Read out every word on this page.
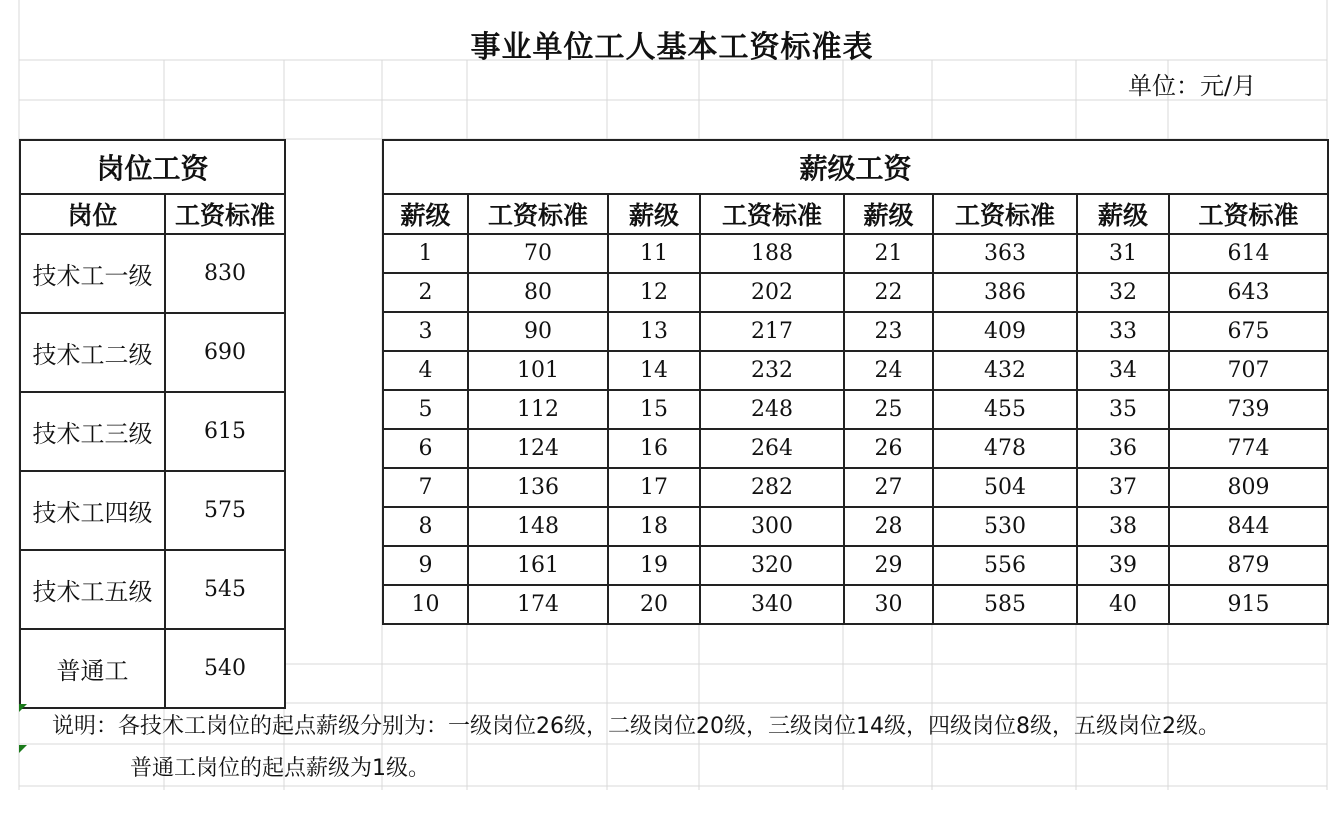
事业单位工人基本工资标准表
单位：元/月
岗位工资	
岗位	工资标准
技术工一级	830
技术工二级	690
技术工三级	615
技术工四级	575
技术工五级	545
普通工	540
薪级工资							
薪级	工资标准	薪级	工资标准	薪级	工资标准	薪级	工资标准
1	70	11	188	21	363	31	614
2	80	12	202	22	386	32	643
3	90	13	217	23	409	33	675
4	101	14	232	24	432	34	707
5	112	15	248	25	455	35	739
6	124	16	264	26	478	36	774
7	136	17	282	27	504	37	809
8	148	18	300	28	530	38	844
9	161	19	320	29	556	39	879
10	174	20	340	30	585	40	915
说明：各技术工岗位的起点薪级分别为：一级岗位26级，二级岗位20级，三级岗位14级，四级岗位8级，五级岗位2级。
普通工岗位的起点薪级为1级。
